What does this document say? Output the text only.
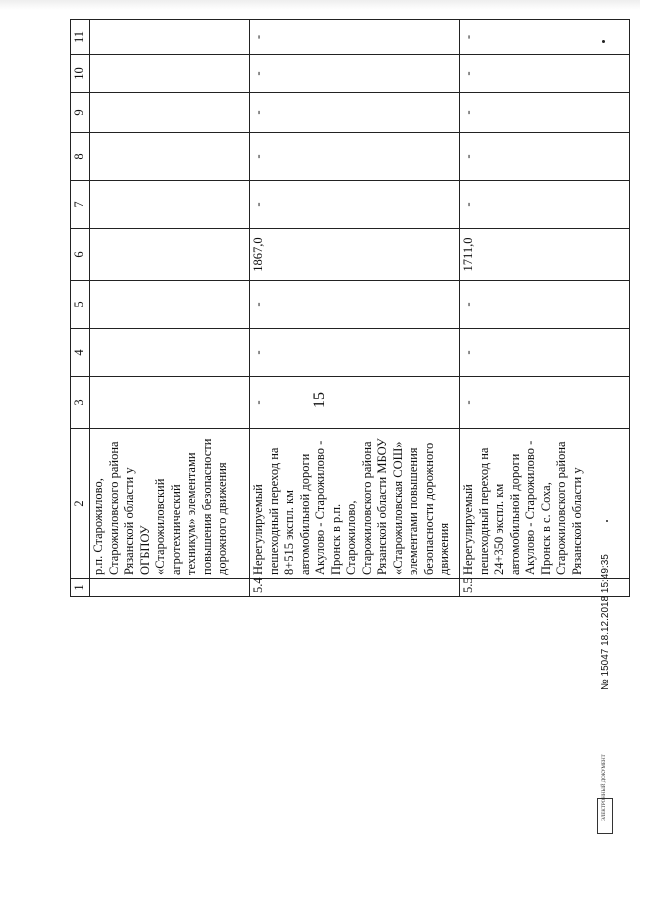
15
1	2	3	4	5	6	7	8	9	10	11
	р.п. Старожилово, Старожиловского района Рязанской области у ОГБПОУ «Старожиловский агротехнический техникум» элементами повышения безопасности дорожного движения									
5.4	Нерегулируемый пешеходный переход на 8+515 экспл. км автомобильной дороги Акулово - Старожилово - Пронск в р.п. Старожилово, Старожиловского района Рязанской области МБОУ «Старожиловская СОШ» элементами повышения безопасности дорожного движения	-	-	-	1867,0	-	-	-	-	-
5.5	Нерегулируемый пешеходный переход на 24+350 экспл. км автомобильной дороги Акулово - Старожилово - Пронск в с. Соха, Старожиловского района Рязанской области у	-	-	-	1711,0	-	-	-	-	-
ЭЛЕКТРОННЫЙ ДОКУМЕНТ
№ 15047 18.12.2018 15:49:35
